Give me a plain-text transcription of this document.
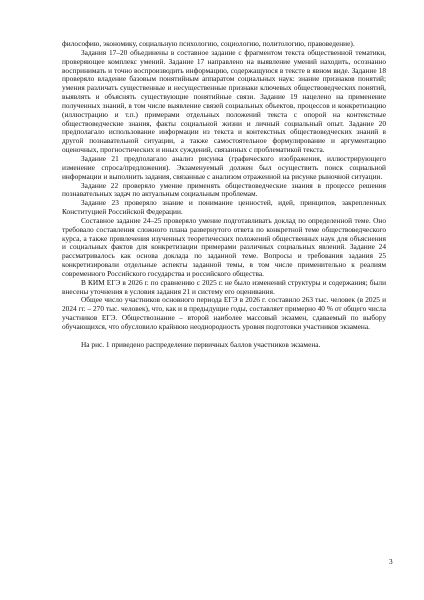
философию, экономику, социальную психологию, социологию, политологию, правоведение).

Задания 17–20 объединены в составное задание с фрагментом текста общественной тематики, проверяющее комплекс умений. Задание 17 направлено на выявление умений находить, осознанно воспринимать и точно воспроизводить информацию, содержащуюся в тексте в явном виде. Задание 18 проверяло владение базовым понятийным аппаратом социальных наук: знание признаков понятий; умения различать существенные и несущественные признаки ключевых обществоведческих понятий, выявлять и объяснять существующие понятийные связи. Задание 19 нацелено на применение полученных знаний, в том числе выявление связей социальных объектов, процессов и конкретизацию (иллюстрацию и т.п.) примерами отдельных положений текста с опорой на контекстные обществоведческие знания, факты социальной жизни и личный социальный опыт. Задание 20 предполагало использование информации из текста и контекстных обществоведческих знаний в другой познавательной ситуации, а также самостоятельное формулирование и аргументацию оценочных, прогностических и иных суждений, связанных с проблематикой текста.

Задание 21 предполагало анализ рисунка (графического изображения, иллюстрирующего изменение спроса/предложения). Экзаменуемый должен был осуществить поиск социальной информации и выполнить задания, связанные с анализом отраженной на рисунке рыночной ситуации.

Задание 22 проверяло умение применять обществоведческие знания в процессе решения познавательных задач по актуальным социальным проблемам.

Задание 23 проверяло знание и понимание ценностей, идей, принципов, закрепленных Конституцией Российской Федерации.

Составное задание 24–25 проверяло умение подготавливать доклад по определенной теме. Оно требовало составления сложного плана развернутого ответа по конкретной теме обществоведческого курса, а также привлечения изученных теоретических положений общественных наук для объяснения и социальных фактов для конкретизации примерами различных социальных явлений. Задание 24 рассматривалось как основа доклада по заданной теме. Вопросы и требования задания 25 конкретизировали отдельные аспекты заданной темы, в том числе применительно к реалиям современного Российского государства и российского общества.

В КИМ ЕГЭ в 2026 г. по сравнению с 2025 г. не было изменений структуры и содержания; были внесены уточнения в условия задания 21 и систему его оценивания.

Общее число участников основного периода ЕГЭ в 2026 г. составило 263 тыс. человек (в 2025 и 2024 гг. – 270 тыс. человек), что, как и в предыдущие годы, составляет примерно 40 % от общего числа участников ЕГЭ. Обществознание – второй наиболее массовый экзамен, сдаваемый по выбору обучающихся, что обусловило крайнюю неоднородность уровня подготовки участников экзамена.

На рис. 1 приведено распределение первичных баллов участников экзамена.

3
